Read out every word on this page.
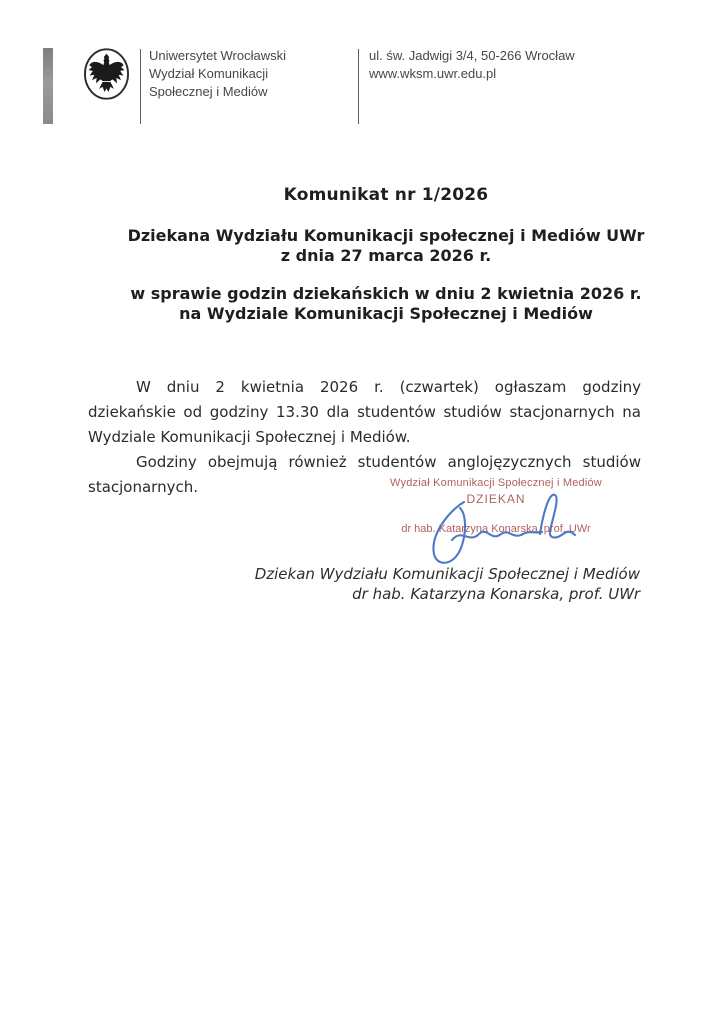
Uniwersytet Wrocławski
Wydział Komunikacji
Społecznej i Mediów
ul. św. Jadwigi 3/4, 50-266 Wrocław
www.wksm.uwr.edu.pl
Komunikat nr 1/2026
Dziekana Wydziału Komunikacji społecznej i Mediów UWr
z dnia 27 marca 2026 r.
w sprawie godzin dziekańskich w dniu 2 kwietnia 2026 r.
na Wydziale Komunikacji Społecznej i Mediów

W dniu 2 kwietnia 2026 r. (czwartek) ogłaszam godziny dziekańskie od godziny 13.30 dla studentów studiów stacjonarnych na Wydziale Komunikacji Społecznej i Mediów.

Godziny obejmują również studentów anglojęzycznych studiów stacjonarnych.	Wydział Komunikacji Społecznej i Mediów
DZIEKAN
dr hab. Katarzyna Konarska, prof. UWr
Dziekan Wydziału Komunikacji Społecznej i Mediów
dr hab. Katarzyna Konarska, prof. UWr
